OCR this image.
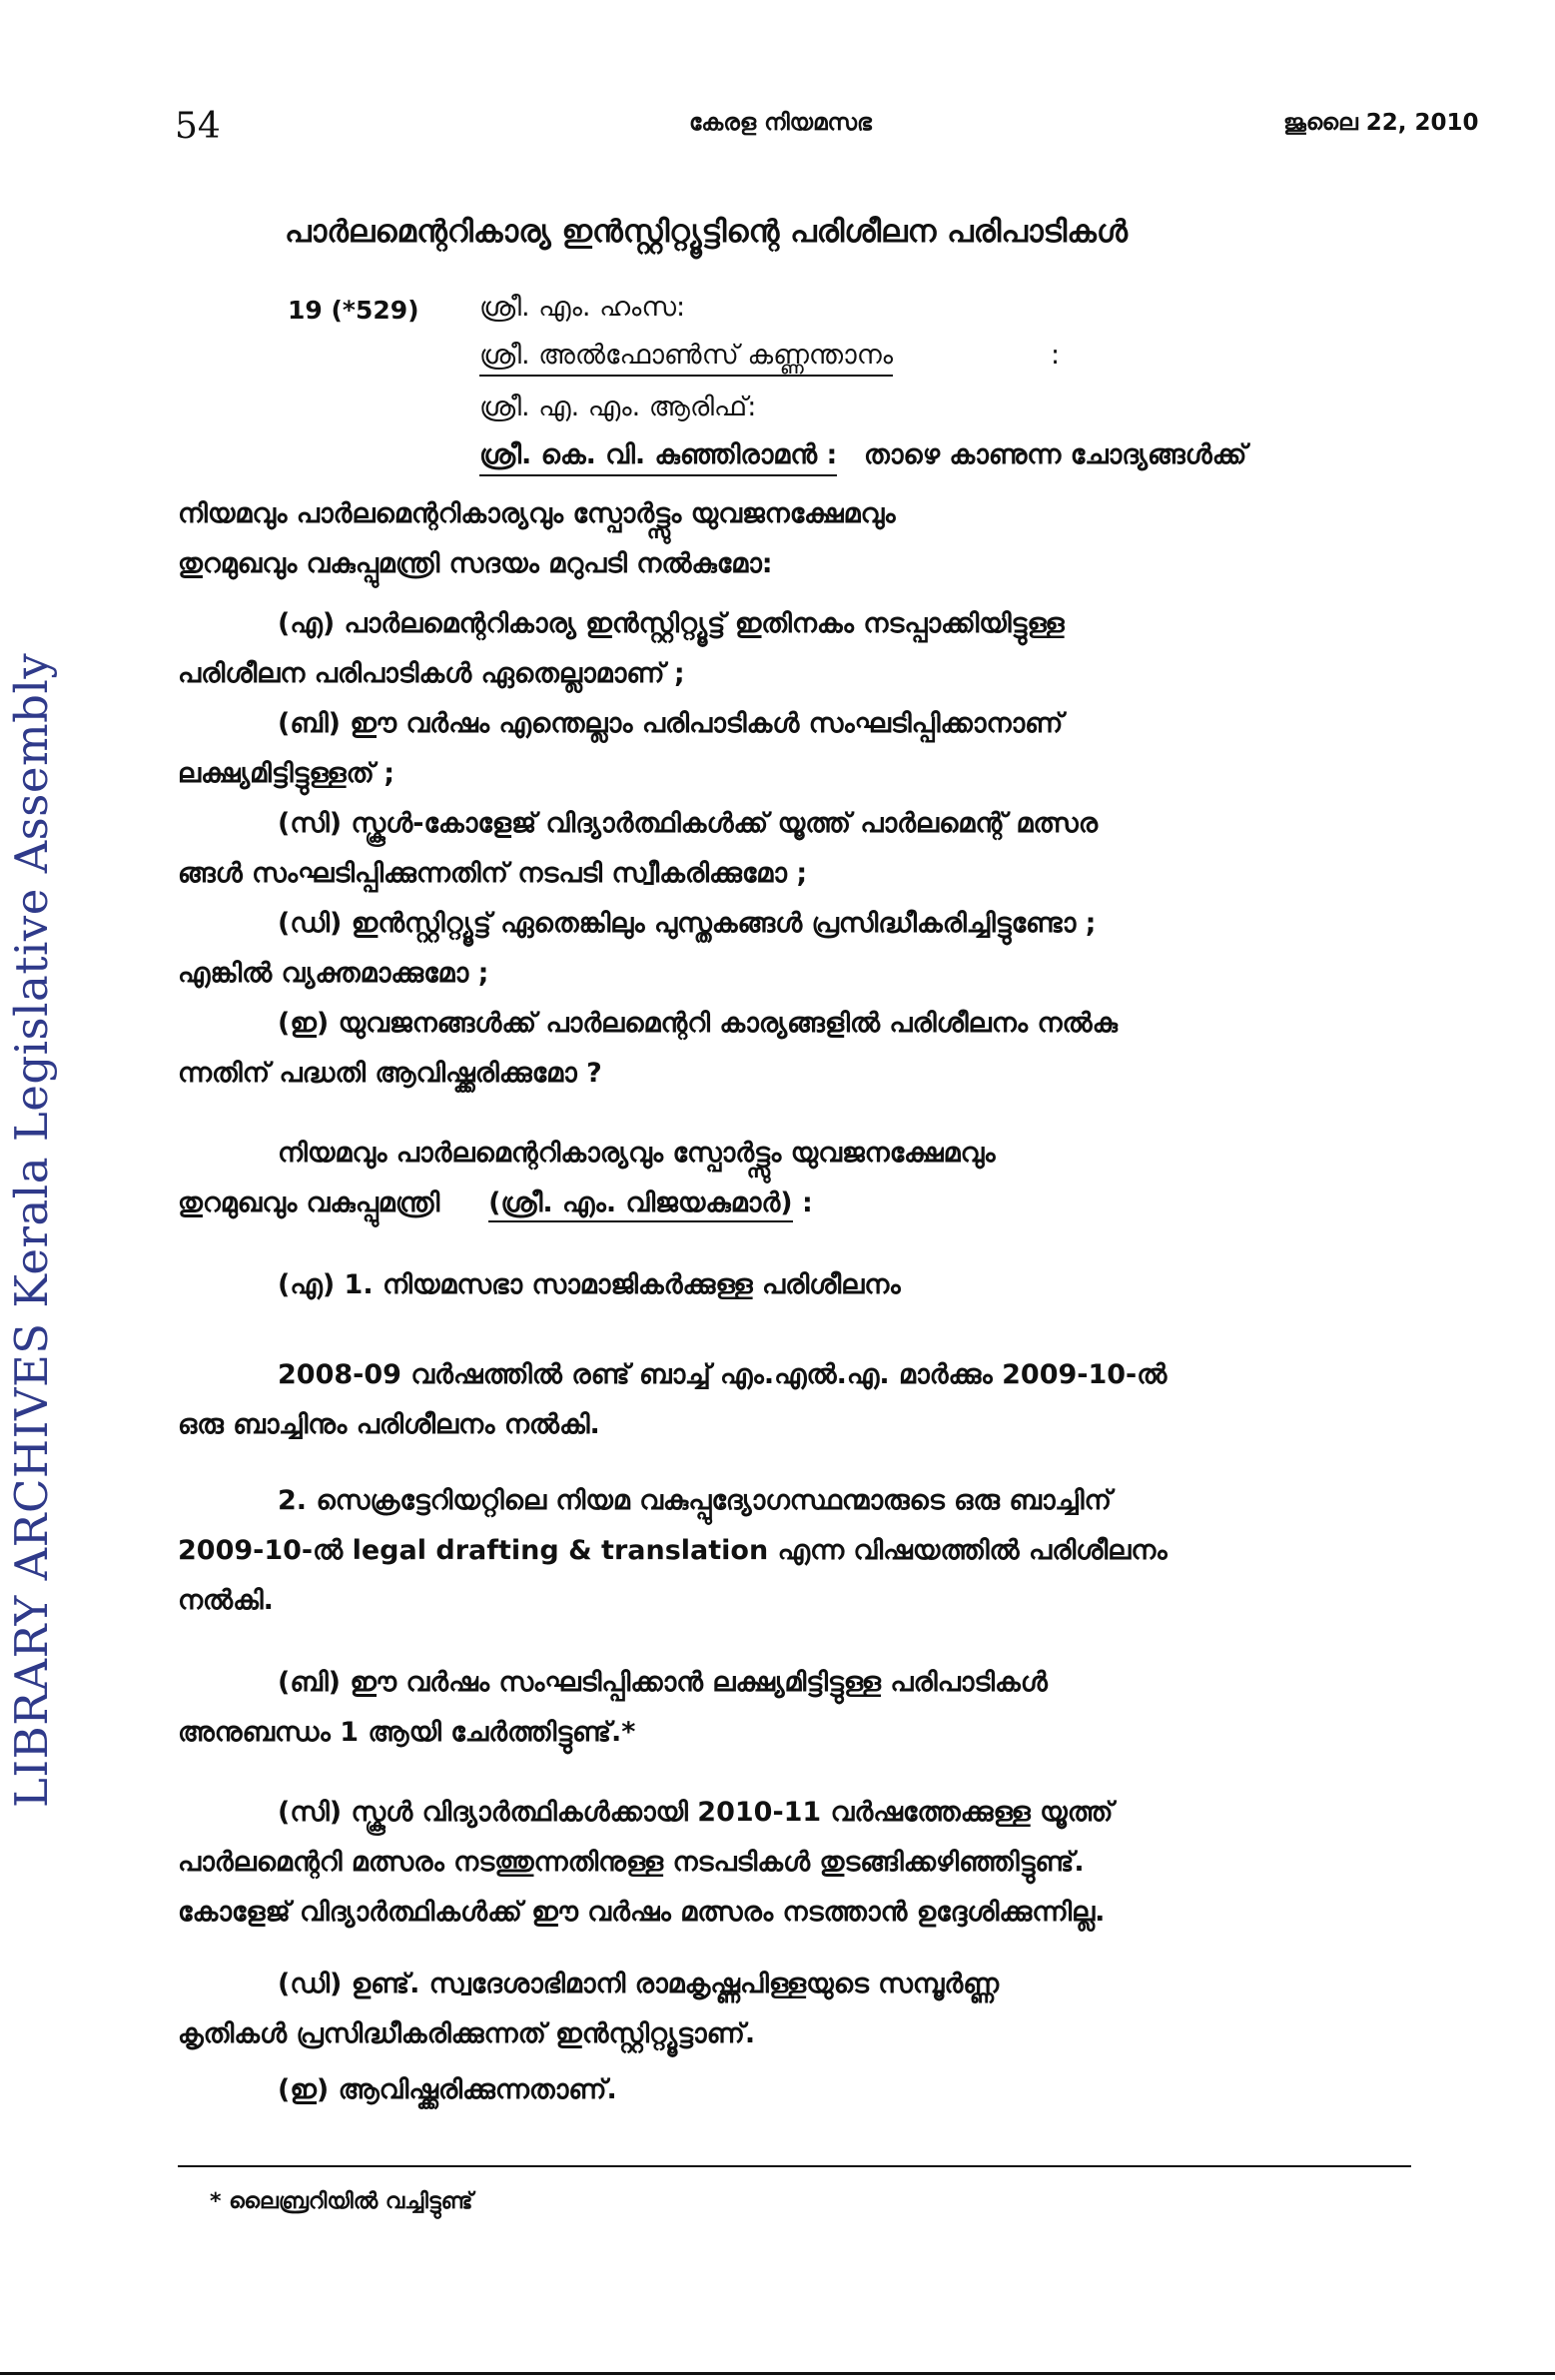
LIBRARY ARCHIVES Kerala Legislative Assembly
54	കേരള നിയമസഭ	ജൂലൈ 22, 2010
പാർലമെന്ററികാര്യ ഇൻസ്റ്റിറ്റ്യൂട്ടിന്റെ പരിശീലന പരിപാടികൾ
19 (*529) ശ്രീ. എം. ഹംസ:
ശ്രീ. അൽഫോൺസ് കണ്ണന്താനം	:
ശ്രീ. എ. എം. ആരിഫ്:
ശ്രീ. കെ. വി. കുഞ്ഞിരാമൻ : താഴെ കാണുന്ന ചോദ്യങ്ങൾക്ക്
നിയമവും പാർലമെന്ററികാര്യവും സ്പോർട്ട്സും യുവജനക്ഷേമവും
തുറമുഖവും വകുപ്പുമന്ത്രി സദയം മറുപടി നൽകുമോ:
(എ) പാർലമെന്ററികാര്യ ഇൻസ്റ്റിറ്റ്യൂട്ട് ഇതിനകം നടപ്പാക്കിയിട്ടുള്ള
പരിശീലന പരിപാടികൾ ഏതെല്ലാമാണ് ;
(ബി) ഈ വർഷം എന്തെല്ലാം പരിപാടികൾ സംഘടിപ്പിക്കാനാണ്
ലക്ഷ്യമിട്ടിട്ടുള്ളത് ;
(സി) സ്കൂൾ-കോളേജ് വിദ്യാർത്ഥികൾക്ക് യൂത്ത് പാർലമെന്റ് മത്സര
ങ്ങൾ സംഘടിപ്പിക്കുന്നതിന് നടപടി സ്വീകരിക്കുമോ ;
(ഡി) ഇൻസ്റ്റിറ്റ്യൂട്ട് ഏതെങ്കിലും പുസ്തകങ്ങൾ പ്രസിദ്ധീകരിച്ചിട്ടുണ്ടോ ;
എങ്കിൽ വ്യക്തമാക്കുമോ ;
(ഇ) യുവജനങ്ങൾക്ക് പാർലമെന്ററി കാര്യങ്ങളിൽ പരിശീലനം നൽകു
ന്നതിന് പദ്ധതി ആവിഷ്ക്കരിക്കുമോ ?
നിയമവും പാർലമെന്ററികാര്യവും സ്പോർട്ട്സും യുവജനക്ഷേമവും
തുറമുഖവും വകുപ്പുമന്ത്രി (ശ്രീ. എം. വിജയകുമാർ) :
(എ) 1. നിയമസഭാ സാമാജികർക്കുള്ള പരിശീലനം
2008-09 വർഷത്തിൽ രണ്ട് ബാച്ച് എം.എൽ.എ. മാർക്കും 2009-10-ൽ
ഒരു ബാച്ചിനും പരിശീലനം നൽകി.
2. സെക്രട്ടേറിയറ്റിലെ നിയമ വകുപ്പുദ്യോഗസ്ഥന്മാരുടെ ഒരു ബാച്ചിന്
2009-10-ൽ legal drafting & translation എന്ന വിഷയത്തിൽ പരിശീലനം
നൽകി.
(ബി) ഈ വർഷം സംഘടിപ്പിക്കാൻ ലക്ഷ്യമിട്ടിട്ടുള്ള പരിപാടികൾ
അനുബന്ധം 1 ആയി ചേർത്തിട്ടുണ്ട്.*
(സി) സ്കൂൾ വിദ്യാർത്ഥികൾക്കായി 2010-11 വർഷത്തേക്കുള്ള യൂത്ത്
പാർലമെന്ററി മത്സരം നടത്തുന്നതിനുള്ള നടപടികൾ തുടങ്ങിക്കഴിഞ്ഞിട്ടുണ്ട്.
കോളേജ് വിദ്യാർത്ഥികൾക്ക് ഈ വർഷം മത്സരം നടത്താൻ ഉദ്ദേശിക്കുന്നില്ല.
(ഡി) ഉണ്ട്. സ്വദേശാഭിമാനി രാമകൃഷ്ണപിള്ളയുടെ സമ്പൂർണ്ണ
കൃതികൾ പ്രസിദ്ധീകരിക്കുന്നത് ഇൻസ്റ്റിറ്റ്യൂട്ടാണ്.
(ഇ) ആവിഷ്ക്കരിക്കുന്നതാണ്.
* ലൈബ്രറിയിൽ വച്ചിട്ടുണ്ട്
